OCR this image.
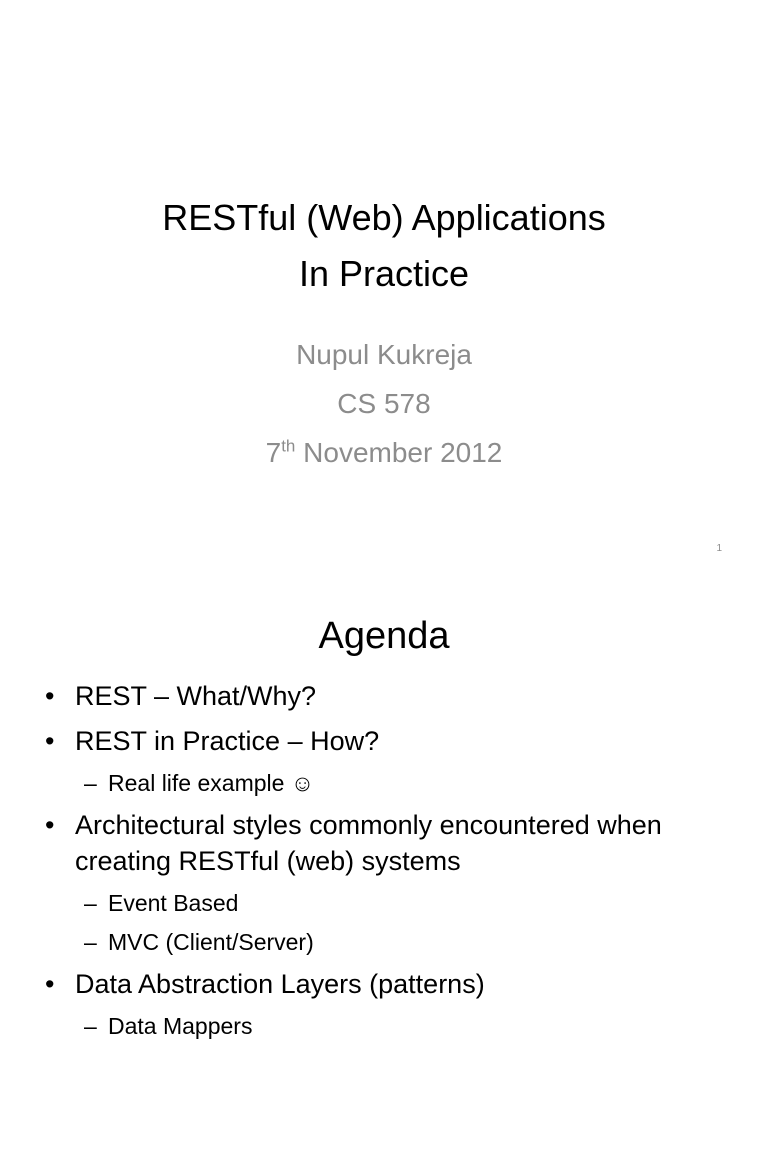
RESTful (Web) Applications
In Practice
Nupul Kukreja
CS 578
7th November 2012
1
Agenda
• REST – What/Why?
• REST in Practice – How?
– Real life example ☺
• Architectural styles commonly encountered when creating RESTful (web) systems
– Event Based
– MVC (Client/Server)
• Data Abstraction Layers (patterns)
– Data Mappers
